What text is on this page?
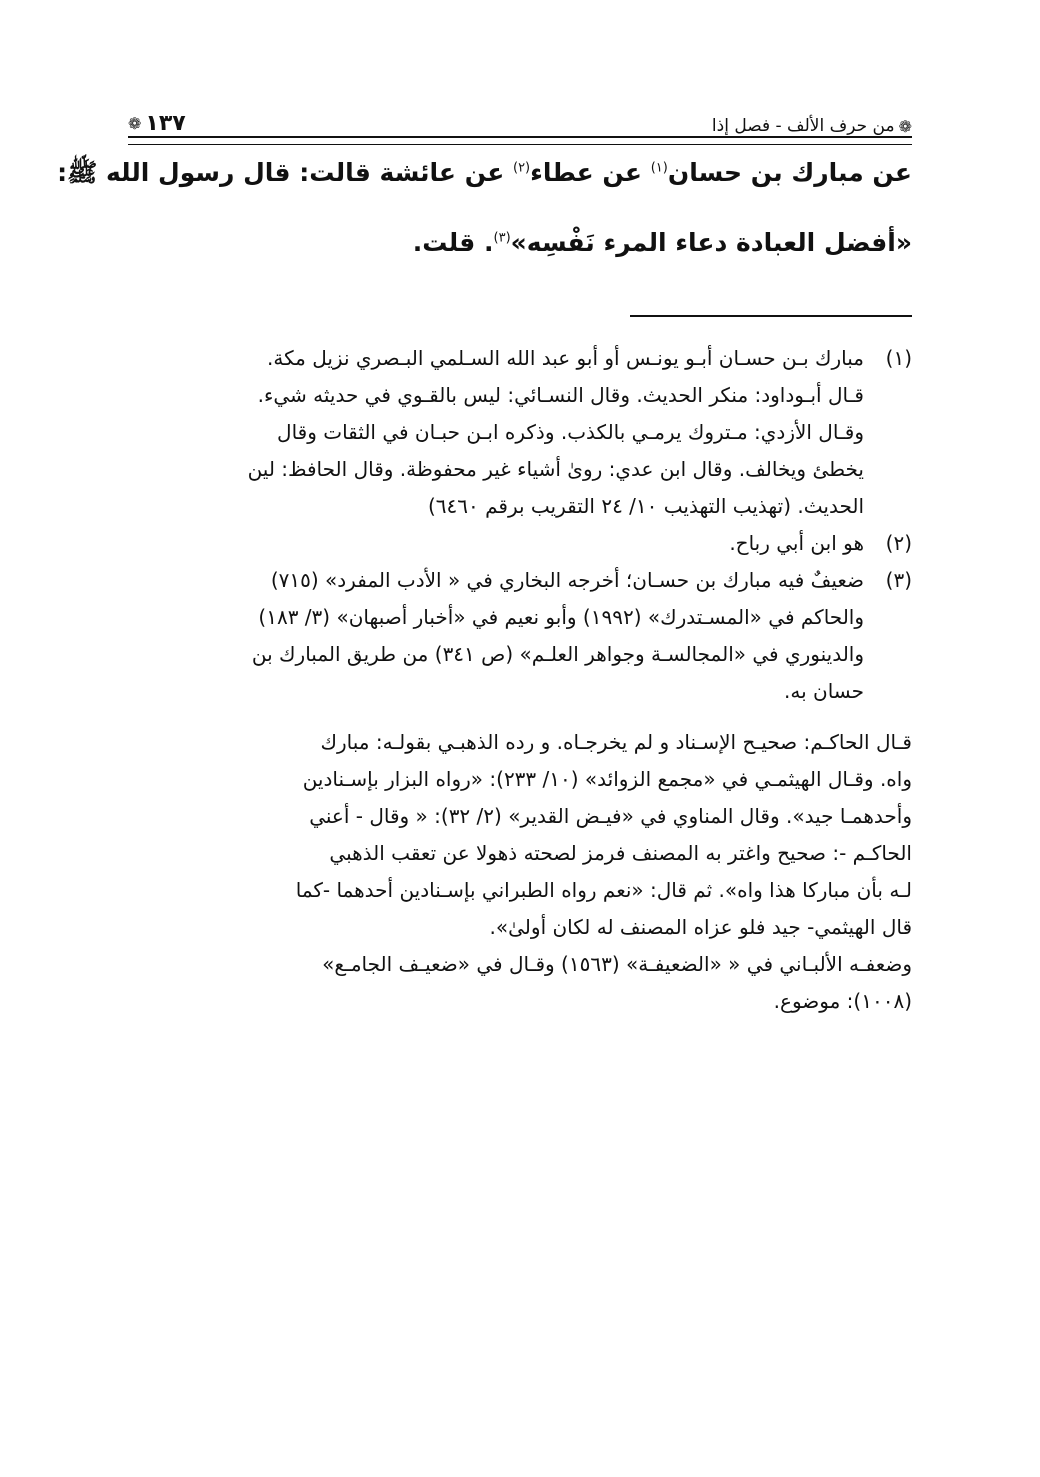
❁
من حرف الألف - فصل إذا
١٣٧
❁
عن مبارك بن حسان$^{(١)}$ عن عطاء$^{(٢)}$ عن عائشة قالت: قال رسول الله ﷺ:
«أفضل العبادة دعاء المرء نَفْسِه»$^{(٣)}$. قلت.
(١)
مبارك بـن حسـان أبـو يونـس أو أبو عبد الله السـلمي البـصري نزيل مكة.
قـال أبـوداود: منكر الحديث. وقال النسـائي: ليس بالقـوي في حديثه شيء.
وقـال الأزدي: مـتروك يرمـي بالكذب. وذكره ابـن حبـان في الثقات وقال
يخطئ ويخالف. وقال ابن عدي: روىٰ أشياء غير محفوظة. وقال الحافظ: لين
الحديث. (تهذيب التهذيب ١٠/ ٢٤ التقريب برقم ٦٤٦٠)
(٢)
هو ابن أبي رباح.
(٣)
ضعيفٌ فيه مبارك بن حسـان؛ أخرجه البخاري في « الأدب المفرد» (٧١٥)
والحاكم في «المسـتدرك» (١٩٩٢) وأبو نعيم في «أخبار أصبهان» (٣/ ١٨٣)
والدينوري في «المجالسـة وجواهر العلـم» (ص ٣٤١) من طريق المبارك بن
حسان به.
قـال الحاكـم: صحيـح الإسـناد و لم يخرجـاه. و رده الذهبـي بقولـه: مبارك
واه. وقـال الهيثمـي في «مجمع الزوائد» (١٠/ ٢٣٣): «رواه البزار بإسـنادين
وأحدهمـا جيد». وقال المناوي في «فيـض القدير» (٢/ ٣٢): « وقال - أعني
الحاكـم -: صحيح واغتر به المصنف فرمز لصحته ذهولا عن تعقب الذهبي
لـه بأن مباركا هذا واه». ثم قال: «نعم رواه الطبراني بإسـنادين أحدهما -كما
قال الهيثمي- جيد فلو عزاه المصنف له لكان أولىٰ».
وضعفـه الألبـاني في « «الضعيفـة» (١٥٦٣) وقـال في «ضعيـف الجامـع»
(١٠٠٨): موضوع.
